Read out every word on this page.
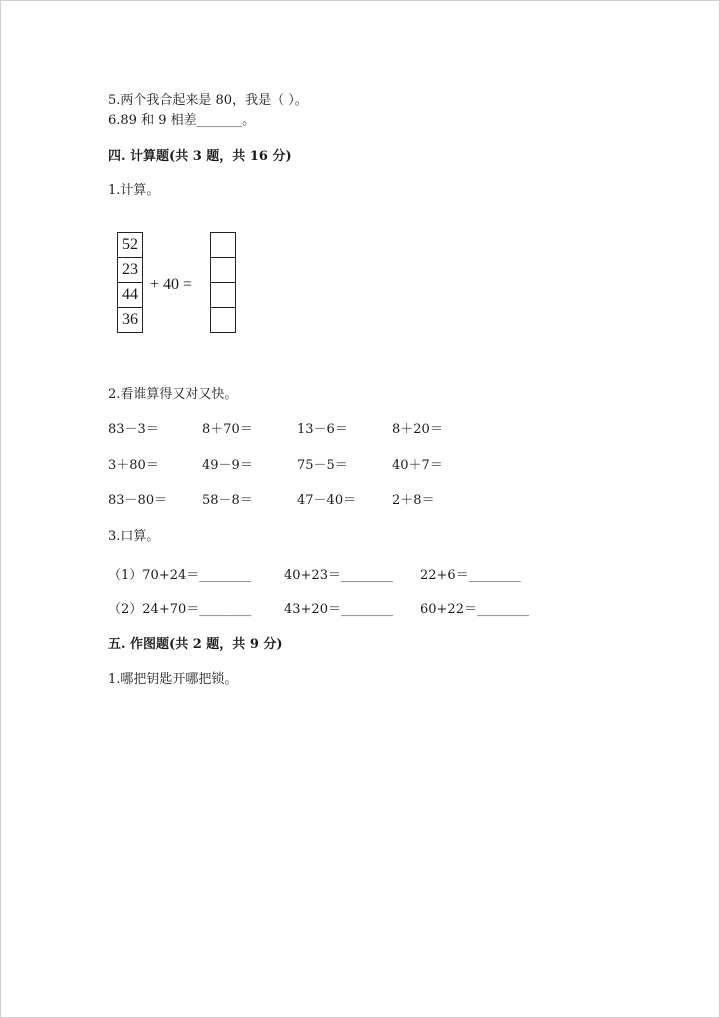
5.两个我合起来是 80，我是（ ）。
6.89 和 9 相差_______。
四. 计算题(共 3 题，共 16 分)
1.计算。
52
23
44
36
+ 40 =
2.看谁算得又对又快。
83－3＝	8＋70＝	13－6＝	8＋20＝
3＋80＝	49－9＝	75－5＝	40＋7＝
83－80＝	58－8＝	47－40＝	2＋8＝
3.口算。
（1）70+24＝________	40+23＝________ 22+6＝________
（2）24+70＝________	43+20＝________ 60+22＝________
五. 作图题(共 2 题，共 9 分)
1.哪把钥匙开哪把锁。
